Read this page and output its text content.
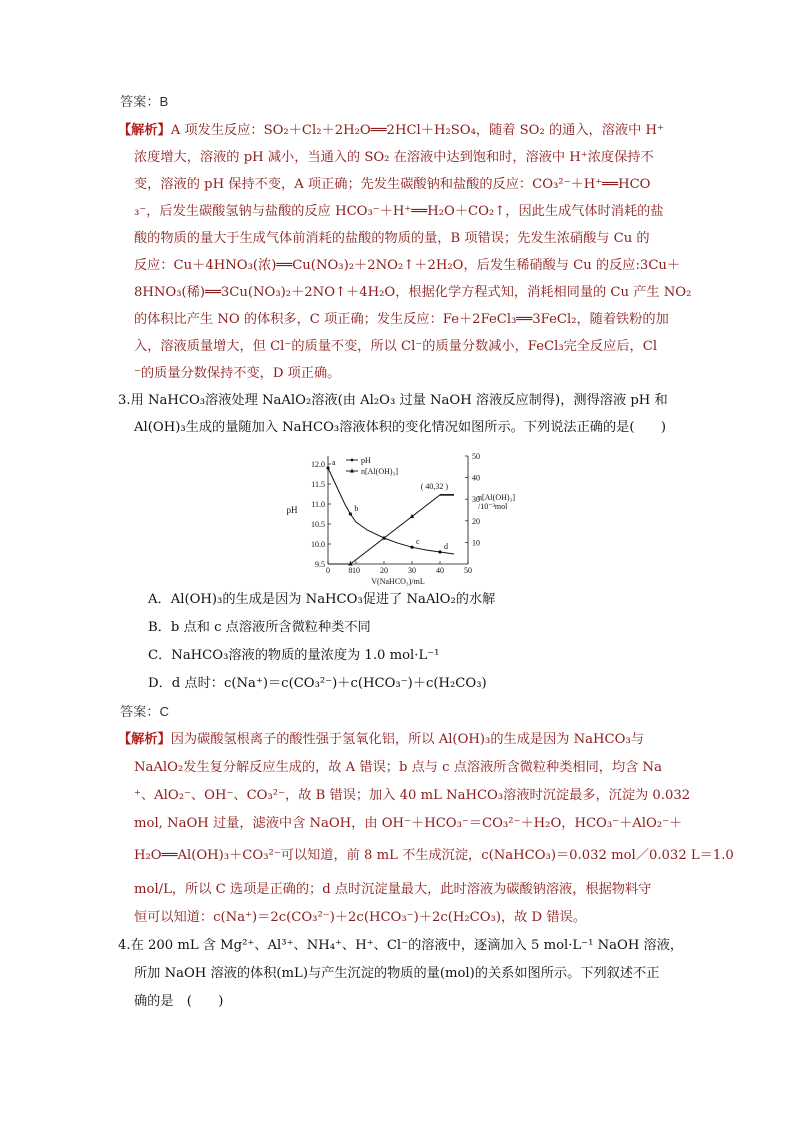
答案：B
【解析】A 项发生反应：SO₂＋Cl₂＋2H₂O══2HCl＋H₂SO₄，随着 SO₂ 的通入，溶液中 H⁺
浓度增大，溶液的 pH 减小，当通入的 SO₂ 在溶液中达到饱和时，溶液中 H⁺浓度保持不
变，溶液的 pH 保持不变，A 项正确；先发生碳酸钠和盐酸的反应：CO₃²⁻＋H⁺══HCO
₃⁻，后发生碳酸氢钠与盐酸的反应 HCO₃⁻＋H⁺══H₂O＋CO₂↑，因此生成气体时消耗的盐
酸的物质的量大于生成气体前消耗的盐酸的物质的量，B 项错误；先发生浓硝酸与 Cu 的
反应：Cu＋4HNO₃(浓)══Cu(NO₃)₂＋2NO₂↑＋2H₂O，后发生稀硝酸与 Cu 的反应:3Cu＋
8HNO₃(稀)══3Cu(NO₃)₂＋2NO↑＋4H₂O，根据化学方程式知，消耗相同量的 Cu 产生 NO₂
的体积比产生 NO 的体积多，C 项正确；发生反应：Fe＋2FeCl₃══3FeCl₂，随着铁粉的加
入，溶液质量增大，但 Cl⁻的质量不变，所以 Cl⁻的质量分数减小，FeCl₃完全反应后，Cl
⁻的质量分数保持不变，D 项正确。
3.用 NaHCO₃溶液处理 NaAlO₂溶液(由 Al₂O₃ 过量 NaOH 溶液反应制得)，测得溶液 pH 和
Al(OH)₃生成的量随加入 NaHCO₃溶液体积的变化情况如图所示。下列说法正确的是(　　)
0 8 10	20	30	40	50
9.5
10.0
10.5
11.0
11.5
12.0
10
20
30
40
50
pH
V(NaHCO₃)/mL
n[Al(OH)₃]
/10⁻³mol
a
b
c
d
( 40,32 )
pH
n[Al(OH)₃]
A．Al(OH)₃的生成是因为 NaHCO₃促进了 NaAlO₂的水解
B．b 点和 c 点溶液所含微粒种类不同
C．NaHCO₃溶液的物质的量浓度为 1.0 mol·L⁻¹
D．d 点时：c(Na⁺)＝c(CO₃²⁻)＋c(HCO₃⁻)＋c(H₂CO₃)
答案：C
【解析】因为碳酸氢根离子的酸性强于氢氧化铝，所以 Al(OH)₃的生成是因为 NaHCO₃与
NaAlO₂发生复分解反应生成的，故 A 错误；b 点与 c 点溶液所含微粒种类相同，均含 Na
⁺、AlO₂⁻、OH⁻、CO₃²⁻，故 B 错误；加入 40 mL NaHCO₃溶液时沉淀最多，沉淀为 0.032
mol, NaOH 过量，滤液中含 NaOH，由 OH⁻＋HCO₃⁻＝CO₃²⁻＋H₂O，HCO₃⁻＋AlO₂⁻＋
H₂O══Al(OH)₃＋CO₃²⁻可以知道，前 8 mL 不生成沉淀，c(NaHCO₃)＝0.032 mol／0.032 L＝1.0
mol/L，所以 C 选项是正确的；d 点时沉淀量最大，此时溶液为碳酸钠溶液，根据物料守
恒可以知道：c(Na⁺)＝2c(CO₃²⁻)＋2c(HCO₃⁻)＋2c(H₂CO₃)，故 D 错误。
4.在 200 mL 含 Mg²⁺、Al³⁺、NH₄⁺、H⁺、Cl⁻的溶液中，逐滴加入 5 mol·L⁻¹ NaOH 溶液，
所加 NaOH 溶液的体积(mL)与产生沉淀的物质的量(mol)的关系如图所示。下列叙述不正
确的是　(　　)
